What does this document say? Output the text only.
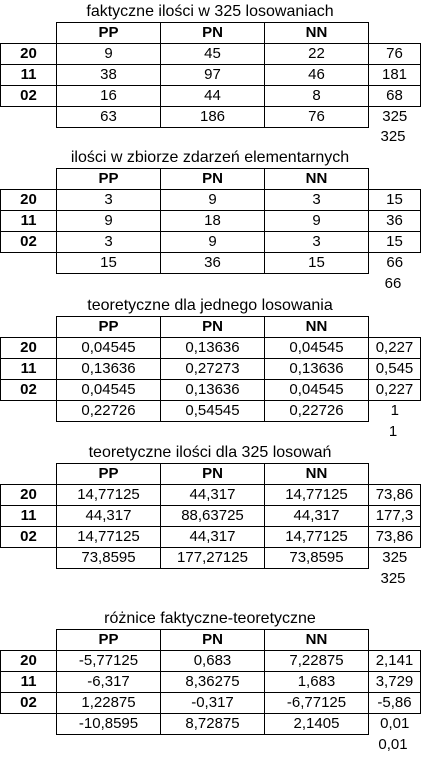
faktyczne ilości w 325 losowaniach
	PP	PN	NN	
20	9	45	22	76
11	38	97	46	181
02	16	44	8	68
	63	186	76	325
325
ilości w zbiorze zdarzeń elementarnych
	PP	PN	NN	
20	3	9	3	15
11	9	18	9	36
02	3	9	3	15
	15	36	15	66
66
teoretyczne dla jednego losowania
	PP	PN	NN	
20	0,04545	0,13636	0,04545	0,227
11	0,13636	0,27273	0,13636	0,545
02	0,04545	0,13636	0,04545	0,227
	0,22726	0,54545	0,22726	1
1
teoretyczne ilości dla 325 losowań
	PP	PN	NN	
20	14,77125	44,317	14,77125	73,86
11	44,317	88,63725	44,317	177,3
02	14,77125	44,317	14,77125	73,86
	73,8595	177,27125	73,8595	325
325
różnice faktyczne-teoretyczne
	PP	PN	NN	
20	-5,77125	0,683	7,22875	2,141
11	-6,317	8,36275	1,683	3,729
02	1,22875	-0,317	-6,77125	-5,86
	-10,8595	8,72875	2,1405	0,01
0,01
